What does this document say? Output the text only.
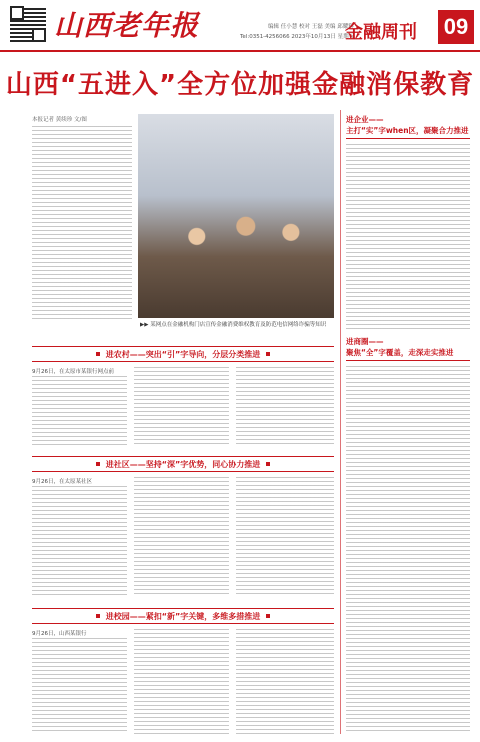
山西老年报	编辑 任小慧 校对 王磊 美编 邱耀辉
Tel:0351-4256066 2023年10月13日 星期五
金融周刊 09
山西“五进入”全方位加强金融消保教育
本报记者 黄续珍 文/图
▶▶ 某网点在金融机构门店宣传金融消费维权教育及防范电信网络诈骗等知识
进企业——
主打“实”字when区，凝聚合力推进
进商圈——
聚焦“全”字覆盖，走深走实推进
进农村——突出“引”字导向，分层分类推进
9月26日，在太原市某银行网点前
进社区——坚持“深”字优势，同心协力推进
9月26日，在太原某社区
进校园——紧扣“新”字关键，多维多措推进
9月26日，山西某银行
